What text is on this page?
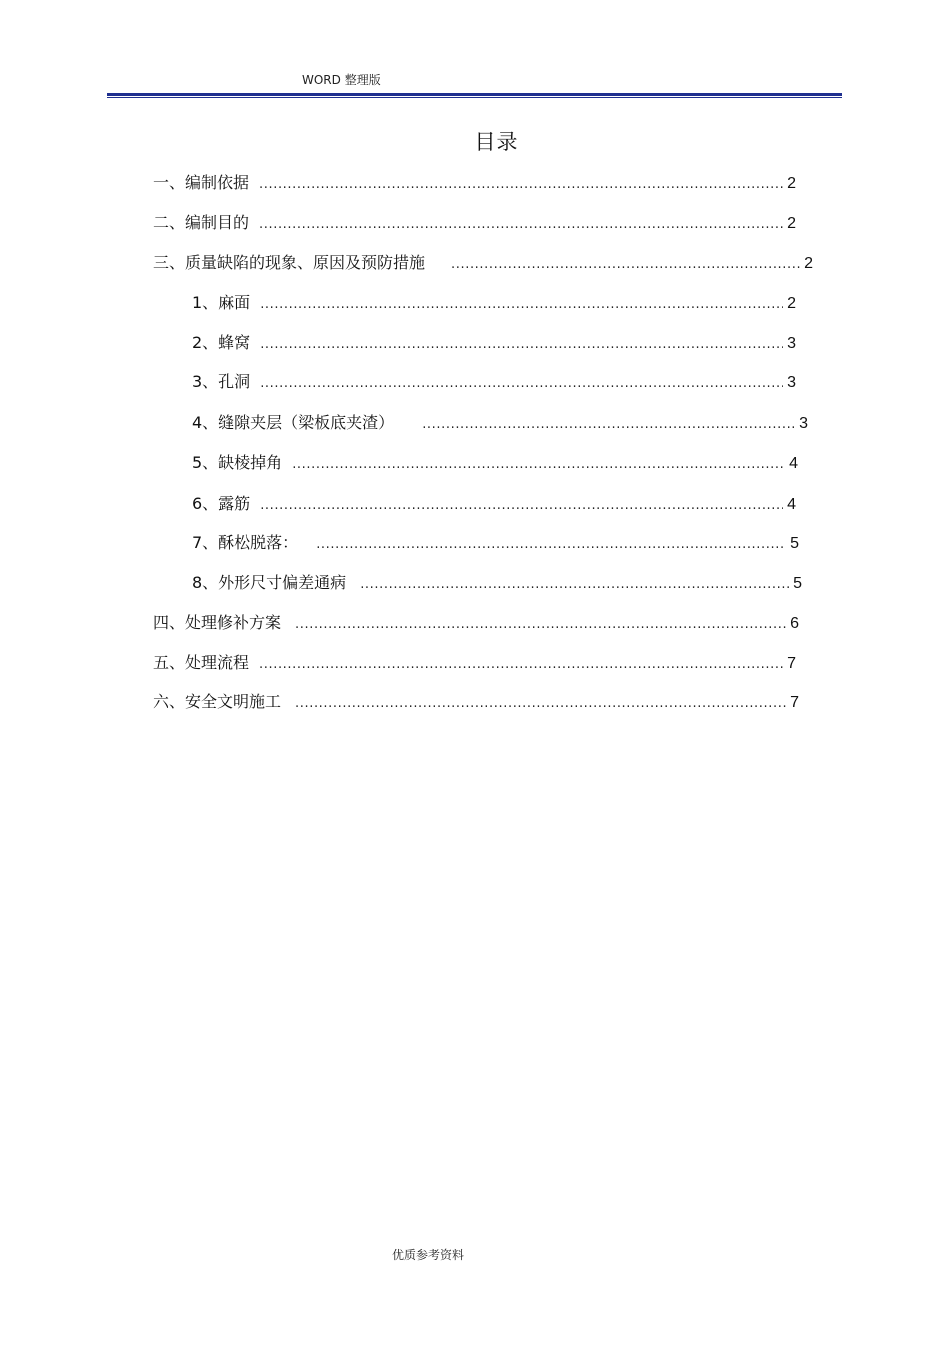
WORD 整理版
目录
一、编制依据 .....	2
二、编制目的 .....	2
三、质量缺陷的现象、原因及预防措施 .....	2
1、麻面 .....	2
2、蜂窝 .....	3
3、孔洞 .....	3
4、缝隙夹层（梁板底夹渣） .....	3
5、缺棱掉角 .....	4
6、露筋 .....	4
7、酥松脱落： .....	5
8、外形尺寸偏差通病 .....	5
四、处理修补方案 .....	6
五、处理流程 .....	7
六、安全文明施工 .....	7
优质参考资料
